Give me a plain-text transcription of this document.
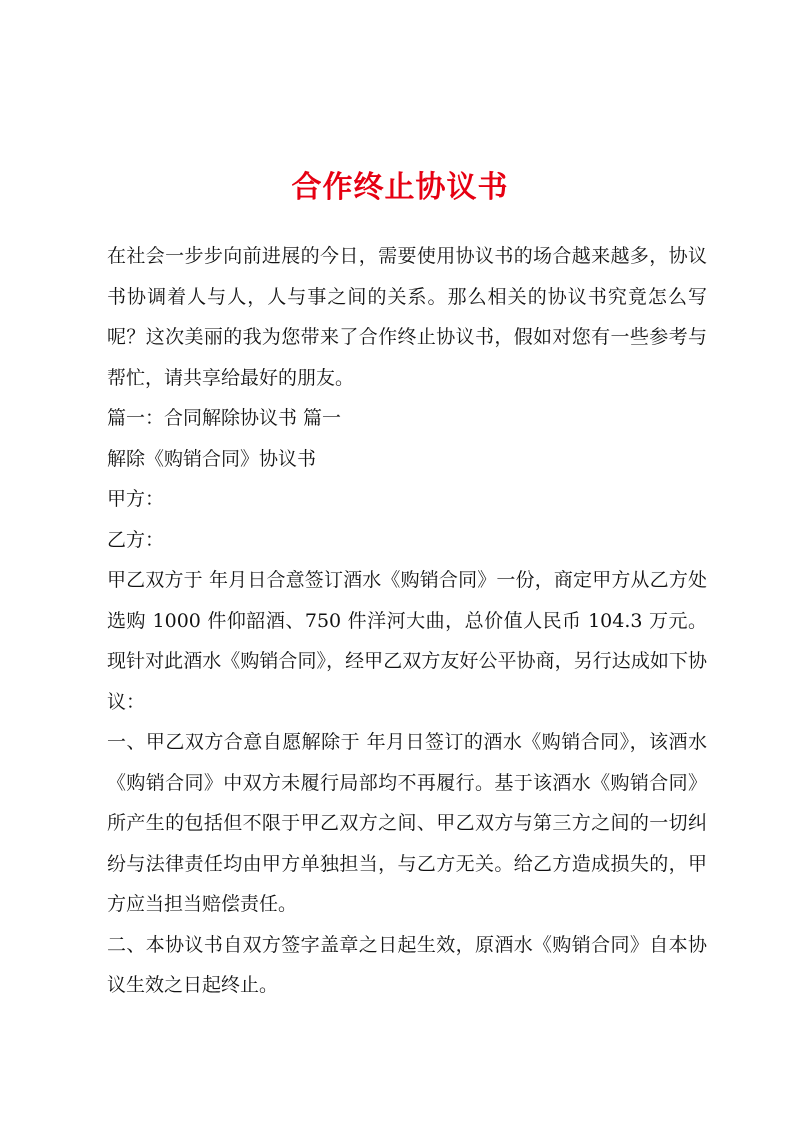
合作终止协议书

在社会一步步向前进展的今日，需要使用协议书的场合越来越多，协议书协调着人与人，人与事之间的关系。那么相关的协议书究竟怎么写呢？这次美丽的我为您带来了合作终止协议书，假如对您有一些参考与帮忙，请共享给最好的朋友。

篇一：合同解除协议书 篇一

解除《购销合同》协议书

甲方：

乙方：

甲乙双方于 年月日合意签订酒水《购销合同》一份，商定甲方从乙方处选购 1000 件仰韶酒、750 件洋河大曲，总价值人民币 104.3 万元。现针对此酒水《购销合同》，经甲乙双方友好公平协商，另行达成如下协议：

一、甲乙双方合意自愿解除于 年月日签订的酒水《购销合同》，该酒水《购销合同》中双方未履行局部均不再履行。基于该酒水《购销合同》所产生的包括但不限于甲乙双方之间、甲乙双方与第三方之间的一切纠纷与法律责任均由甲方单独担当，与乙方无关。给乙方造成损失的，甲方应当担当赔偿责任。

二、本协议书自双方签字盖章之日起生效，原酒水《购销合同》自本协议生效之日起终止。
